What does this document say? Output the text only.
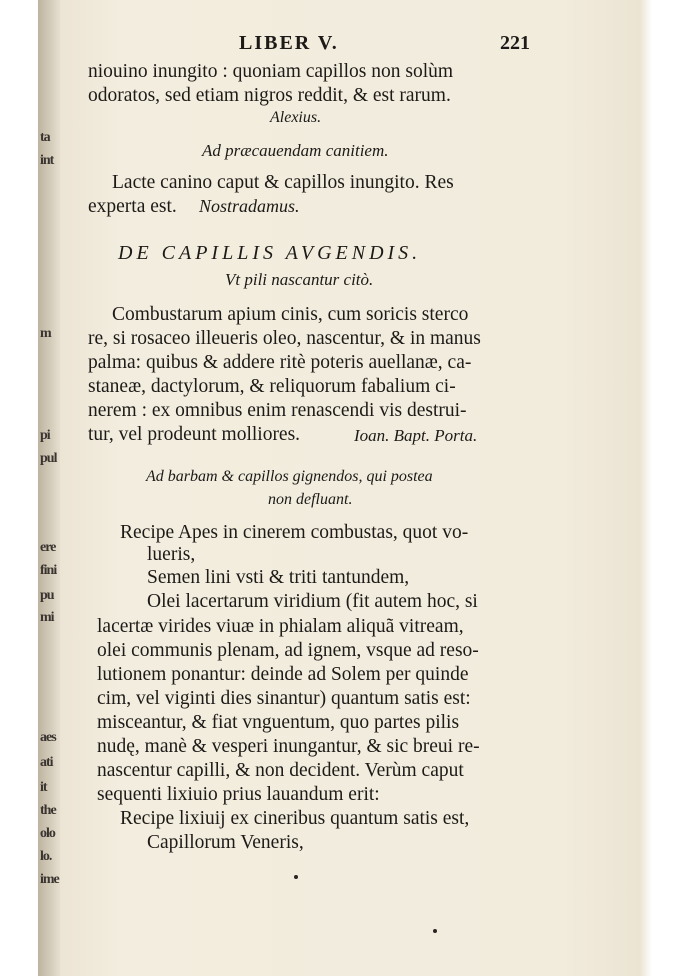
ta
int
m
pi
pul
ere
fini
pu
mi
aes
ati
it
the
olo
lo.
ime
LIBER V.	221
niouino inungito : quoniam capillos non solùm
odoratos, sed etiam nigros reddit, & est rarum.
Alexius.
Ad præcauendam canitiem.
Lacte canino caput & capillos inungito. Res
experta est. Nostradamus.
DE CAPILLIS AVGENDIS.
Vt pili nascantur citò.
Combustarum apium cinis, cum soricis sterco
re, si rosaceo illeueris oleo, nascentur, & in manus
palma: quibus & addere ritè poteris auellanæ, ca-
staneæ, dactylorum, & reliquorum fabalium ci-
nerem : ex omnibus enim renascendi vis destrui-
tur, vel prodeunt molliores.	Ioan. Bapt. Porta.
Ad barbam & capillos gignendos, qui postea
non defluant.
Recipe Apes in cinerem combustas, quot vo-
lueris,
Semen lini vsti & triti tantundem,
Olei lacertarum viridium (fit autem hoc, si
lacertæ virides viuæ in phialam aliquã vitream,
olei communis plenam, ad ignem, vsque ad reso-
lutionem ponantur: deinde ad Solem per quinde
cim, vel viginti dies sinantur) quantum satis est:
misceantur, & fiat vnguentum, quo partes pilis
nudę, manè & vesperi inungantur, & sic breui re-
nascentur capilli, & non decident. Verùm caput
sequenti lixiuio prius lauandum erit:
Recipe lixiuij ex cineribus quantum satis est,
Capillorum Veneris,
